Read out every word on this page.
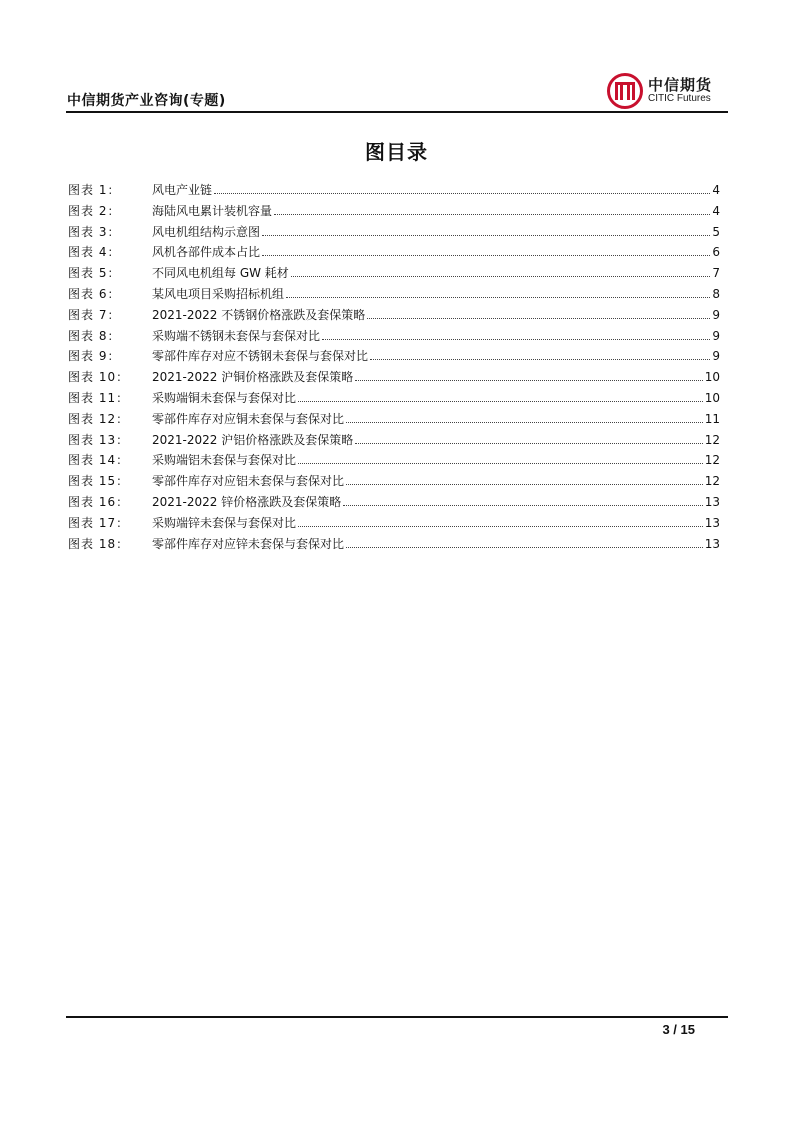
中信期货产业咨询(专题)
中信期货
CITIC Futures
图目录
图表 1：	风电产业链	4
图表 2：	海陆风电累计装机容量	4
图表 3：	风电机组结构示意图	5
图表 4：	风机各部件成本占比	6
图表 5：	不同风电机组每 GW 耗材	7
图表 6：	某风电项目采购招标机组	8
图表 7：	2021-2022 不锈钢价格涨跌及套保策略	9
图表 8：	采购端不锈钢未套保与套保对比	9
图表 9：	零部件库存对应不锈钢未套保与套保对比	9
图表 10： 2021-2022 沪铜价格涨跌及套保策略	10
图表 11： 采购端铜未套保与套保对比	10
图表 12： 零部件库存对应铜未套保与套保对比	11
图表 13： 2021-2022 沪铝价格涨跌及套保策略	12
图表 14： 采购端铝未套保与套保对比	12
图表 15： 零部件库存对应铝未套保与套保对比	12
图表 16： 2021-2022 锌价格涨跌及套保策略	13
图表 17： 采购端锌未套保与套保对比	13
图表 18： 零部件库存对应锌未套保与套保对比	13
3 / 15
